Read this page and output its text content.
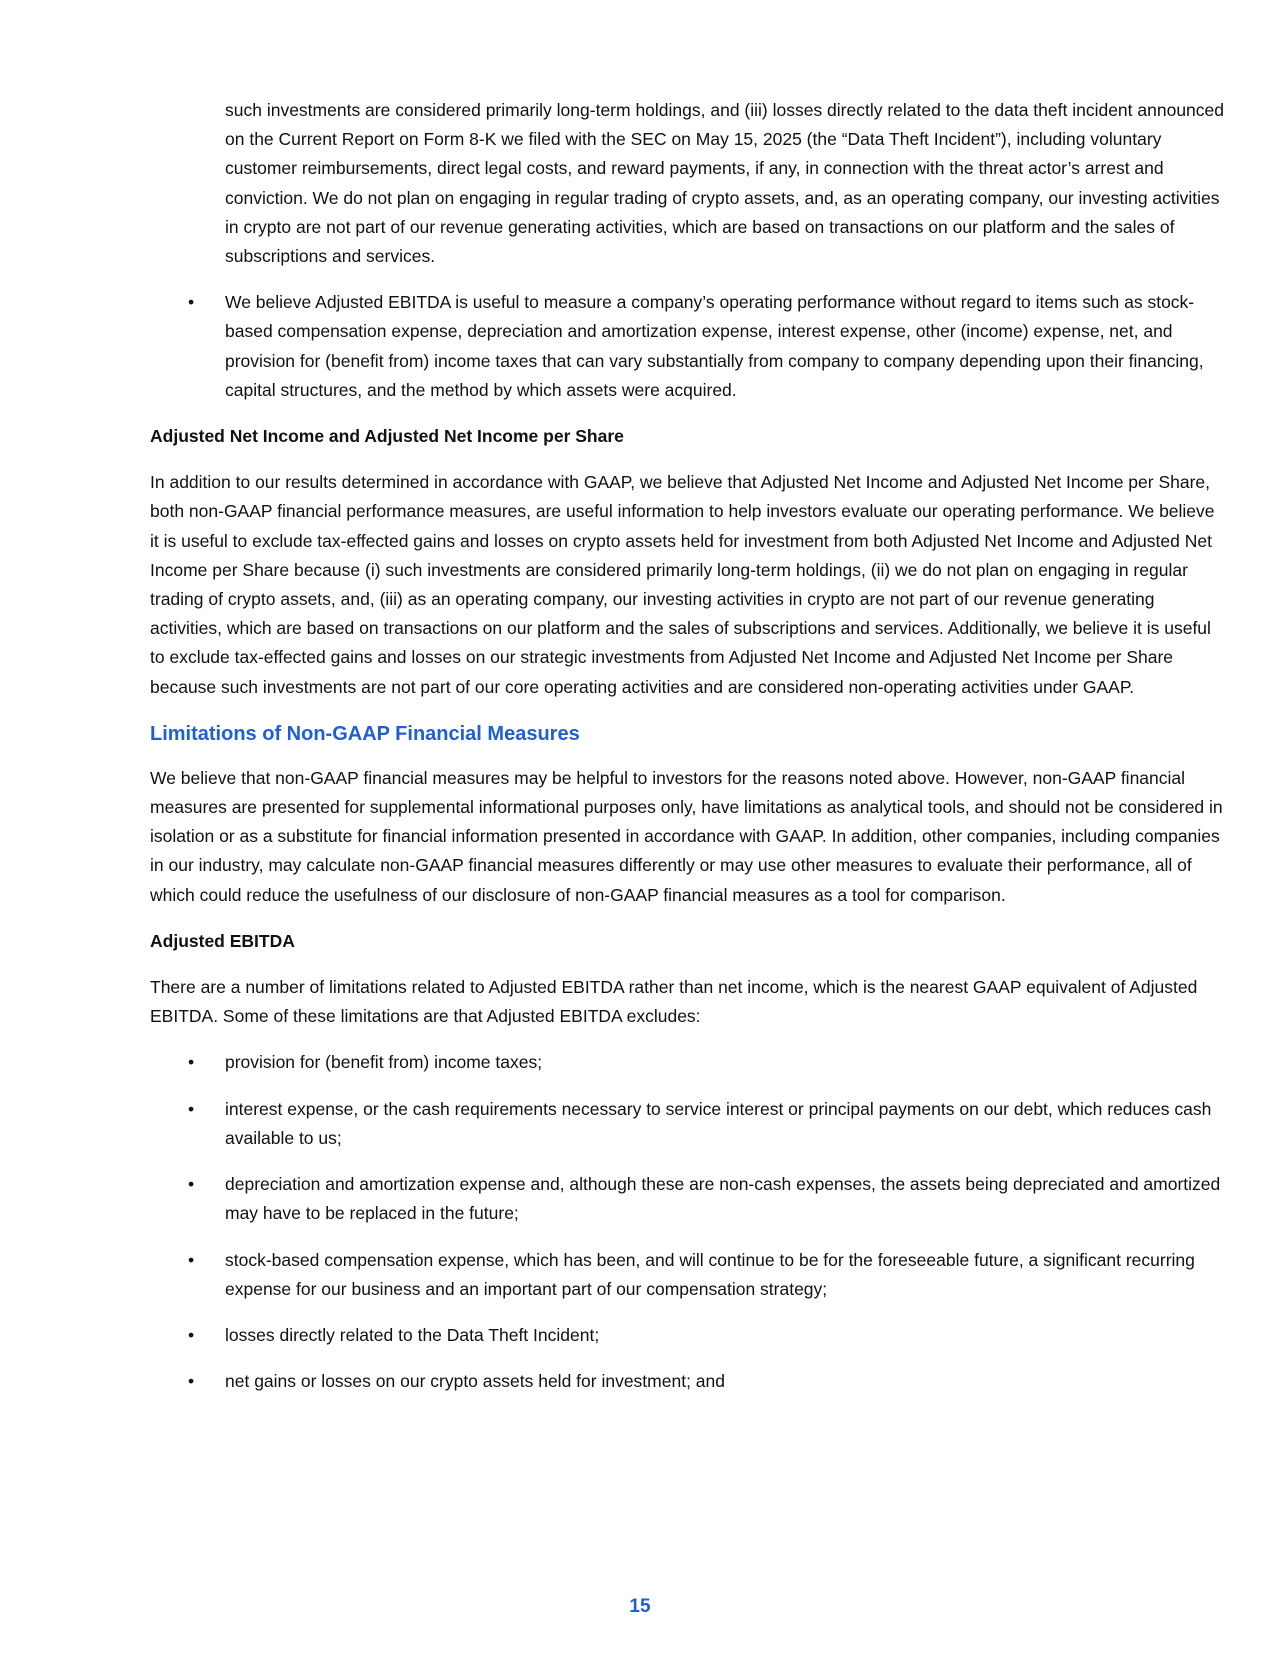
such investments are considered primarily long-term holdings, and (iii) losses directly related to the data theft incident announced on the Current Report on Form 8-K we filed with the SEC on May 15, 2025 (the “Data Theft Incident”), including voluntary customer reimbursements, direct legal costs, and reward payments, if any, in connection with the threat actor’s arrest and conviction. We do not plan on engaging in regular trading of crypto assets, and, as an operating company, our investing activities in crypto are not part of our revenue generating activities, which are based on transactions on our platform and the sales of subscriptions and services.

•	We believe Adjusted EBITDA is useful to measure a company’s operating performance without regard to items such as stock-based compensation expense, depreciation and amortization expense, interest expense, other (income) expense, net, and provision for (benefit from) income taxes that can vary substantially from company to company depending upon their financing, capital structures, and the method by which assets were acquired.

Adjusted Net Income and Adjusted Net Income per Share

In addition to our results determined in accordance with GAAP, we believe that Adjusted Net Income and Adjusted Net Income per Share, both non-GAAP financial performance measures, are useful information to help investors evaluate our operating performance. We believe it is useful to exclude tax-effected gains and losses on crypto assets held for investment from both Adjusted Net Income and Adjusted Net Income per Share because (i) such investments are considered primarily long-term holdings, (ii) we do not plan on engaging in regular trading of crypto assets, and, (iii) as an operating company, our investing activities in crypto are not part of our revenue generating activities, which are based on transactions on our platform and the sales of subscriptions and services. Additionally, we believe it is useful to exclude tax-effected gains and losses on our strategic investments from Adjusted Net Income and Adjusted Net Income per Share because such investments are not part of our core operating activities and are considered non-operating activities under GAAP.

Limitations of Non-GAAP Financial Measures

We believe that non-GAAP financial measures may be helpful to investors for the reasons noted above. However, non-GAAP financial measures are presented for supplemental informational purposes only, have limitations as analytical tools, and should not be considered in isolation or as a substitute for financial information presented in accordance with GAAP. In addition, other companies, including companies in our industry, may calculate non-GAAP financial measures differently or may use other measures to evaluate their performance, all of which could reduce the usefulness of our disclosure of non-GAAP financial measures as a tool for comparison.

Adjusted EBITDA

There are a number of limitations related to Adjusted EBITDA rather than net income, which is the nearest GAAP equivalent of Adjusted EBITDA. Some of these limitations are that Adjusted EBITDA excludes:

•	provision for (benefit from) income taxes;
•	interest expense, or the cash requirements necessary to service interest or principal payments on our debt, which reduces cash available to us;
•	depreciation and amortization expense and, although these are non-cash expenses, the assets being depreciated and amortized may have to be replaced in the future;
•	stock-based compensation expense, which has been, and will continue to be for the foreseeable future, a significant recurring expense for our business and an important part of our compensation strategy;
•	losses directly related to the Data Theft Incident;
•	net gains or losses on our crypto assets held for investment; and
15
